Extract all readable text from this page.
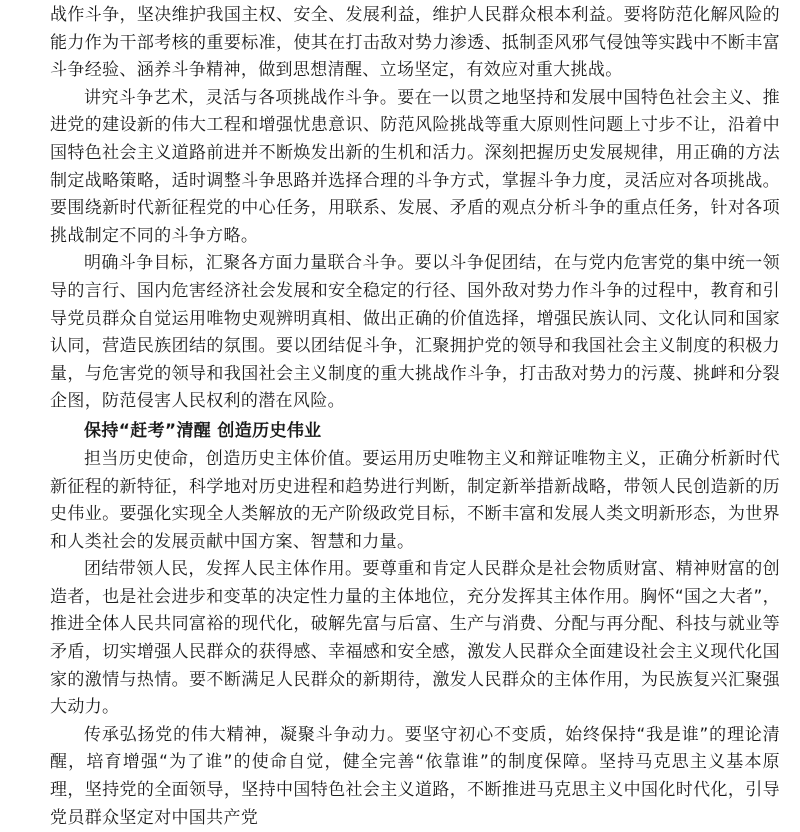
战作斗争，坚决维护我国主权、安全、发展利益，维护人民群众根本利益。要将防范化解风险的能力作为干部考核的重要标准，使其在打击敌对势力渗透、抵制歪风邪气侵蚀等实践中不断丰富斗争经验、涵养斗争精神，做到思想清醒、立场坚定，有效应对重大挑战。

讲究斗争艺术，灵活与各项挑战作斗争。要在一以贯之地坚持和发展中国特色社会主义、推进党的建设新的伟大工程和增强忧患意识、防范风险挑战等重大原则性问题上寸步不让，沿着中国特色社会主义道路前进并不断焕发出新的生机和活力。深刻把握历史发展规律，用正确的方法制定战略策略，适时调整斗争思路并选择合理的斗争方式，掌握斗争力度，灵活应对各项挑战。要围绕新时代新征程党的中心任务，用联系、发展、矛盾的观点分析斗争的重点任务，针对各项挑战制定不同的斗争方略。

明确斗争目标，汇聚各方面力量联合斗争。要以斗争促团结，在与党内危害党的集中统一领导的言行、国内危害经济社会发展和安全稳定的行径、国外敌对势力作斗争的过程中，教育和引导党员群众自觉运用唯物史观辨明真相、做出正确的价值选择，增强民族认同、文化认同和国家认同，营造民族团结的氛围。要以团结促斗争，汇聚拥护党的领导和我国社会主义制度的积极力量，与危害党的领导和我国社会主义制度的重大挑战作斗争，打击敌对势力的污蔑、挑衅和分裂企图，防范侵害人民权利的潜在风险。

保持“赶考”清醒 创造历史伟业

担当历史使命，创造历史主体价值。要运用历史唯物主义和辩证唯物主义，正确分析新时代新征程的新特征，科学地对历史进程和趋势进行判断，制定新举措新战略，带领人民创造新的历史伟业。要强化实现全人类解放的无产阶级政党目标，不断丰富和发展人类文明新形态，为世界和人类社会的发展贡献中国方案、智慧和力量。

团结带领人民，发挥人民主体作用。要尊重和肯定人民群众是社会物质财富、精神财富的创造者，也是社会进步和变革的决定性力量的主体地位，充分发挥其主体作用。胸怀“国之大者”，推进全体人民共同富裕的现代化，破解先富与后富、生产与消费、分配与再分配、科技与就业等矛盾，切实增强人民群众的获得感、幸福感和安全感，激发人民群众全面建设社会主义现代化国家的激情与热情。要不断满足人民群众的新期待，激发人民群众的主体作用，为民族复兴汇聚强大动力。

传承弘扬党的伟大精神，凝聚斗争动力。要坚守初心不变质，始终保持“我是谁”的理论清醒，培育增强“为了谁”的使命自觉，健全完善“依靠谁”的制度保障。坚持马克思主义基本原理，坚持党的全面领导，坚持中国特色社会主义道路，不断推进马克思主义中国化时代化，引导党员群众坚定对中国共产党
